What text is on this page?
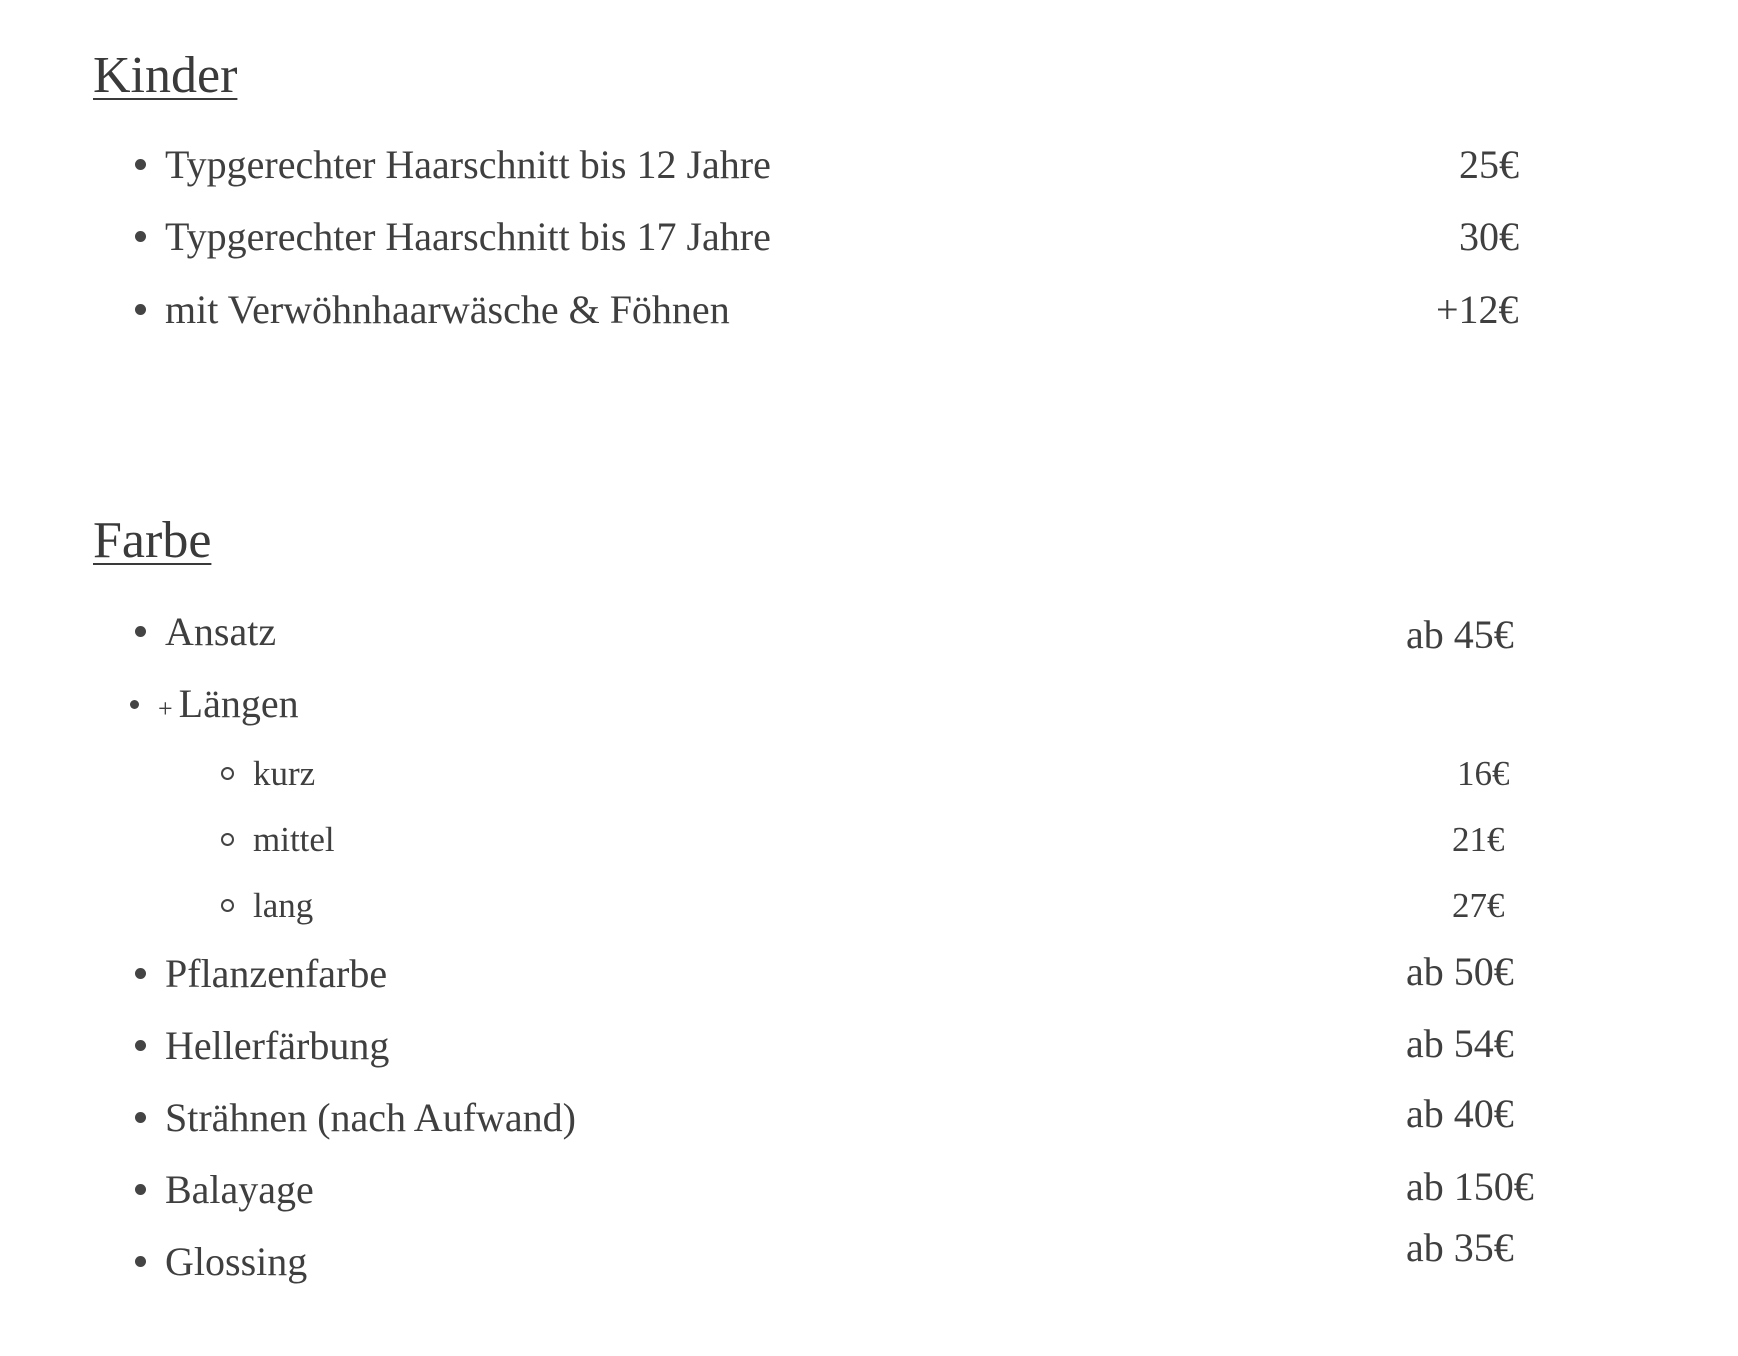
Kinder
Typgerechter Haarschnitt bis 12 Jahre	25€
Typgerechter Haarschnitt bis 17 Jahre	30€
mit Verwöhnhaarwäsche & Föhnen	+12€
Farbe
Ansatz	ab 45€
+ Längen
kurz	16€
mittel	21€
lang	27€
Pflanzenfarbe	ab 50€
Hellerfärbung	ab 54€
Strähnen (nach Aufwand)	ab 40€
Balayage	ab 150€
Glossing	ab 35€
